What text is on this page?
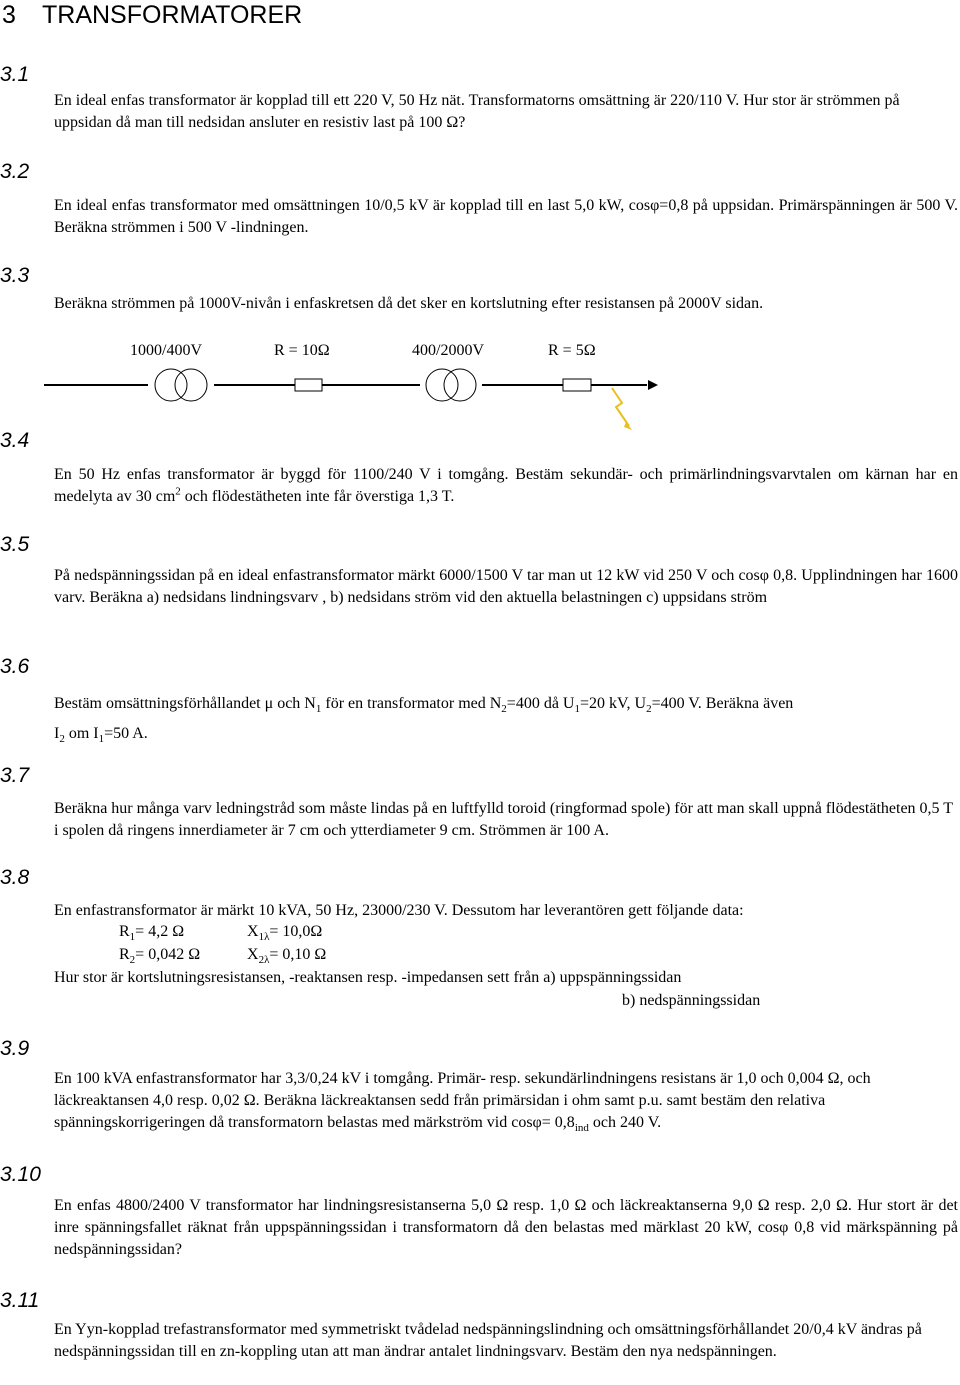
3 TRANSFORMATORER
3.1
En ideal enfas transformator är kopplad till ett 220 V, 50 Hz nät. Transformatorns omsättning är 220/110 V. Hur stor är strömmen på uppsidan då man till nedsidan ansluter en resistiv last på 100 Ω?
3.2
En ideal enfas transformator med omsättningen 10/0,5 kV är kopplad till en last 5,0 kW, cosφ=0,8 på uppsidan. Primärspänningen är 500 V. Beräkna strömmen i 500 V -lindningen.
3.3
Beräkna strömmen på 1000V-nivån i enfaskretsen då det sker en kortslutning efter resistansen på 2000V sidan.
1000/400V	R = 10Ω	400/2000V	R = 5Ω
3.4
En 50 Hz enfas transformator är byggd för 1100/240 V i tomgång. Bestäm sekundär- och primärlindningsvarvtalen om kärnan har en medelyta av 30 $cm^2$ och flödestätheten inte får överstiga 1,3 T.
3.5
På nedspänningssidan på en ideal enfastransformator märkt 6000/1500 V tar man ut 12 kW vid 250 V och cosφ 0,8. Upplindningen har 1600 varv. Beräkna a) nedsidans lindningsvarv , b) nedsidans ström vid den aktuella belastningen c) uppsidans ström
3.6
Bestäm omsättningsförhållandet μ och $N_1$ för en transformator med $N_2=400$ då $U_1=20$ kV, $U_2=400$ V. Beräkna även
$I_2$ om $I_1=50$ A.
3.7
Beräkna hur många varv ledningstråd som måste lindas på en luftfylld toroid (ringformad spole) för att man skall uppnå flödestätheten 0,5 T i spolen då ringens innerdiameter är 7 cm och ytterdiameter 9 cm. Strömmen är 100 A.
3.8
En enfastransformator är märkt 10 kVA, 50 Hz, 23000/230 V. Dessutom har leverantören gett följande data:
$R_1= 4,2$ Ω	$X_{1\lambda}= 10,0\Omega$
$R_2= 0,042$ Ω	$X_{2\lambda}= 0,10$ Ω
Hur stor är kortslutningsresistansen, -reaktansen resp. -impedansen sett från a) uppspänningssidan
b) nedspänningssidan
3.9
En 100 kVA enfastransformator har 3,3/0,24 kV i tomgång. Primär- resp. sekundärlindningens resistans är 1,0 och 0,004 Ω, och läckreaktansen 4,0 resp. 0,02 Ω. Beräkna läckreaktansen sedd från primärsidan i ohm samt p.u. samt bestäm den relativa spänningskorrigeringen då transformatorn belastas med märkström vid $\cos\varphi= 0,8_{ind}$ och 240 V.
3.10
En enfas 4800/2400 V transformator har lindningsresistanserna 5,0 Ω resp. 1,0 Ω och läckreaktanserna 9,0 Ω resp. 2,0 Ω. Hur stort är det inre spänningsfallet räknat från uppspänningssidan i transformatorn då den belastas med märklast 20 kW, cosφ 0,8 vid märkspänning på nedspänningssidan?
3.11
En Yyn-kopplad trefastransformator med symmetriskt tvådelad nedspänningslindning och omsättningsförhållandet 20/0,4 kV ändras på nedspänningssidan till en zn-koppling utan att man ändrar antalet lindningsvarv. Bestäm den nya nedspänningen.
